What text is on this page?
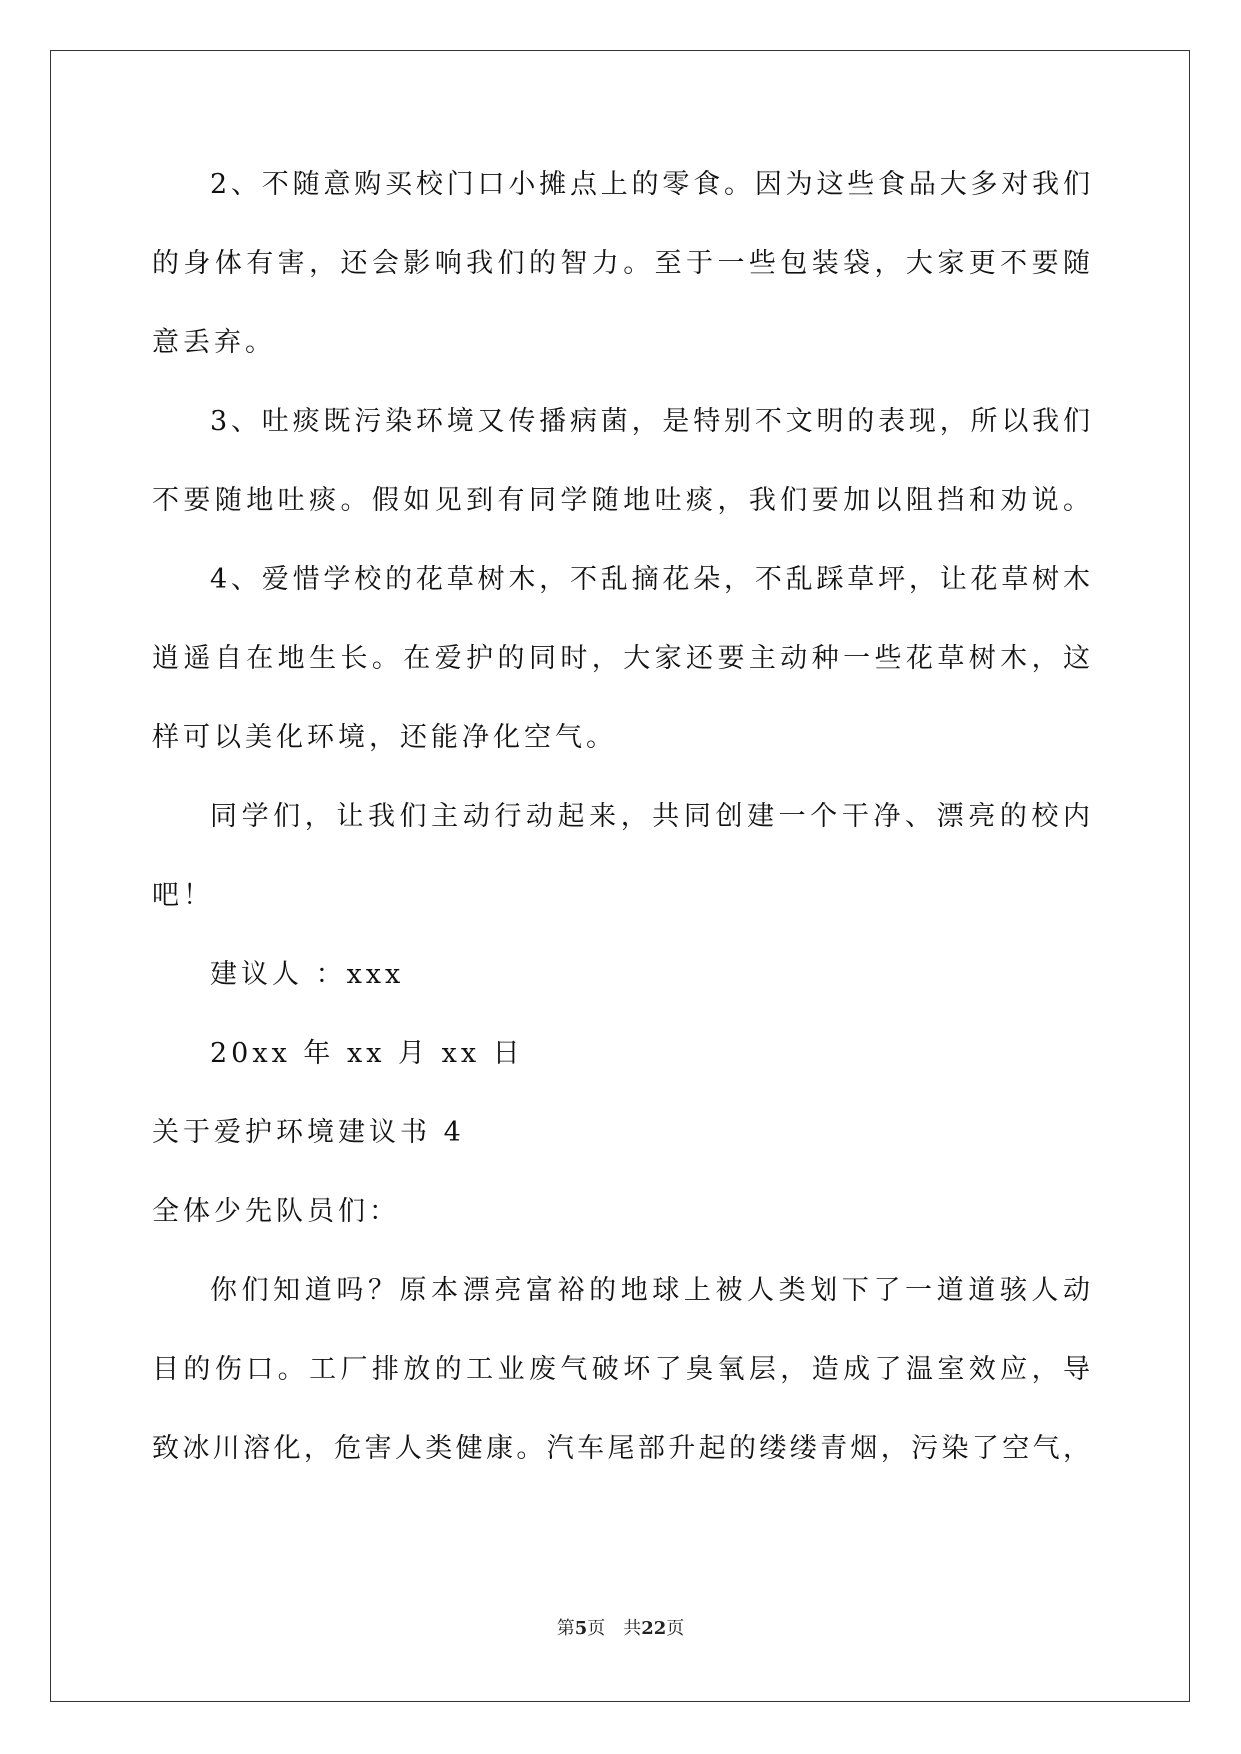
2、不随意购买校门口小摊点上的零食。因为这些食品大多对我们
的身体有害，还会影响我们的智力。至于一些包装袋，大家更不要随
意丢弃。
3、吐痰既污染环境又传播病菌，是特别不文明的表现，所以我们
不要随地吐痰。假如见到有同学随地吐痰，我们要加以阻挡和劝说。
4、爱惜学校的花草树木，不乱摘花朵，不乱踩草坪，让花草树木
逍遥自在地生长。在爱护的同时，大家还要主动种一些花草树木，这
样可以美化环境，还能净化空气。
同学们，让我们主动行动起来，共同创建一个干净、漂亮的校内
吧！
建议人 ：xxx
20xx 年 xx 月 xx 日
关于爱护环境建议书 4
全体少先队员们：
你们知道吗？原本漂亮富裕的地球上被人类划下了一道道骇人动
目的伤口。工厂排放的工业废气破坏了臭氧层，造成了温室效应，导
致冰川溶化，危害人类健康。汽车尾部升起的缕缕青烟，污染了空气，
第5页　共22页
